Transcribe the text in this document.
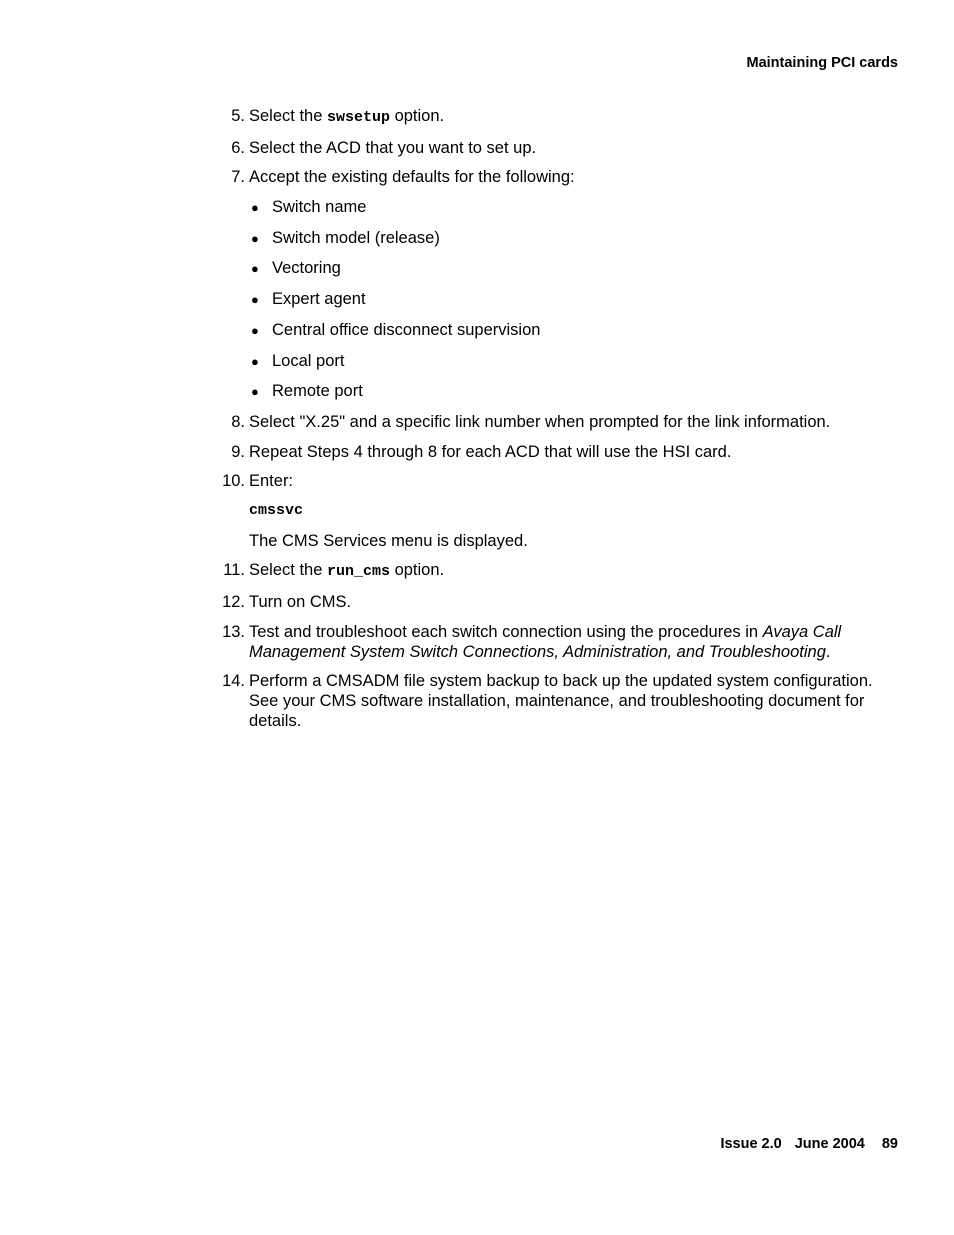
Maintaining PCI cards
5. Select the swsetup option.
6. Select the ACD that you want to set up.
7. Accept the existing defaults for the following:
● Switch name
● Switch model (release)
● Vectoring
● Expert agent
● Central office disconnect supervision
● Local port
● Remote port
8. Select "X.25" and a specific link number when prompted for the link information.
9. Repeat Steps 4 through 8 for each ACD that will use the HSI card.
10. Enter:
cmssvc
The CMS Services menu is displayed.
11. Select the run_cms option.
12. Turn on CMS.
13. Test and troubleshoot each switch connection using the procedures in Avaya Call Management System Switch Connections, Administration, and Troubleshooting.
14. Perform a CMSADM file system backup to back up the updated system configuration. See your CMS software installation, maintenance, and troubleshooting document for details.
Issue 2.0 June 2004 89
